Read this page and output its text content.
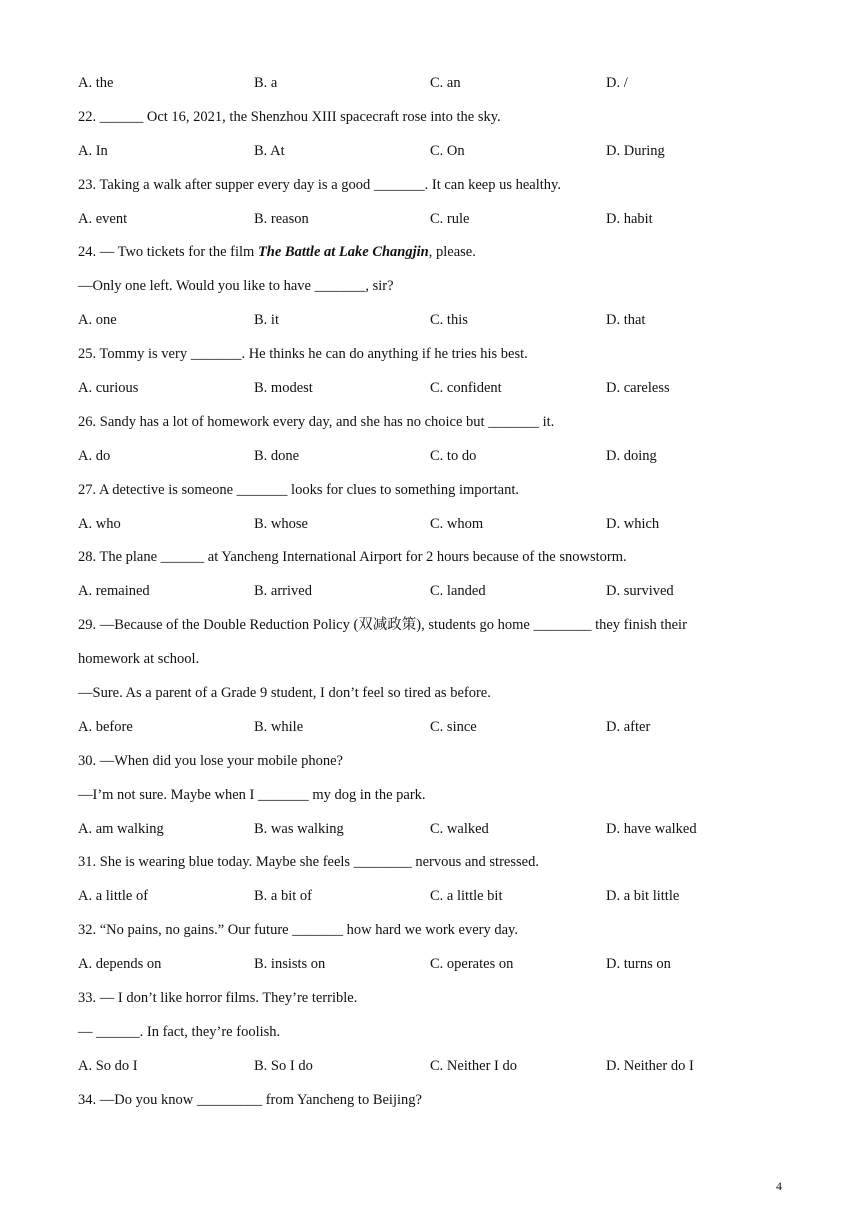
A. the	B. a	C. an	D. /
22. ______ Oct 16, 2021, the Shenzhou XIII spacecraft rose into the sky.
A. In	B. At	C. On	D. During
23. Taking a walk after supper every day is a good _______. It can keep us healthy.
A. event	B. reason	C. rule	D. habit
24. — Two tickets for the film The Battle at Lake Changjin, please.
—Only one left. Would you like to have _______, sir?
A. one	B. it	C. this	D. that
25. Tommy is very _______. He thinks he can do anything if he tries his best.
A. curious	B. modest	C. confident	D. careless
26. Sandy has a lot of homework every day, and she has no choice but _______ it.
A. do	B. done	C. to do	D. doing
27. A detective is someone _______ looks for clues to something important.
A. who	B. whose	C. whom	D. which
28. The plane ______ at Yancheng International Airport for 2 hours because of the snowstorm.
A. remained	B. arrived	C. landed	D. survived
29. —Because of the Double Reduction Policy (双减政策), students go home ________ they finish their
homework at school.
—Sure. As a parent of a Grade 9 student, I don’t feel so tired as before.
A. before	B. while	C. since	D. after
30. —When did you lose your mobile phone?
—I’m not sure. Maybe when I _______ my dog in the park.
A. am walking	B. was walking	C. walked	D. have walked
31. She is wearing blue today. Maybe she feels ________ nervous and stressed.
A. a little of	B. a bit of	C. a little bit	D. a bit little
32. “No pains, no gains.” Our future _______ how hard we work every day.
A. depends on	B. insists on	C. operates on	D. turns on
33. — I don’t like horror films. They’re terrible.
— ______. In fact, they’re foolish.
A. So do I	B. So I do	C. Neither I do	D. Neither do I
34. —Do you know _________ from Yancheng to Beijing?
4
